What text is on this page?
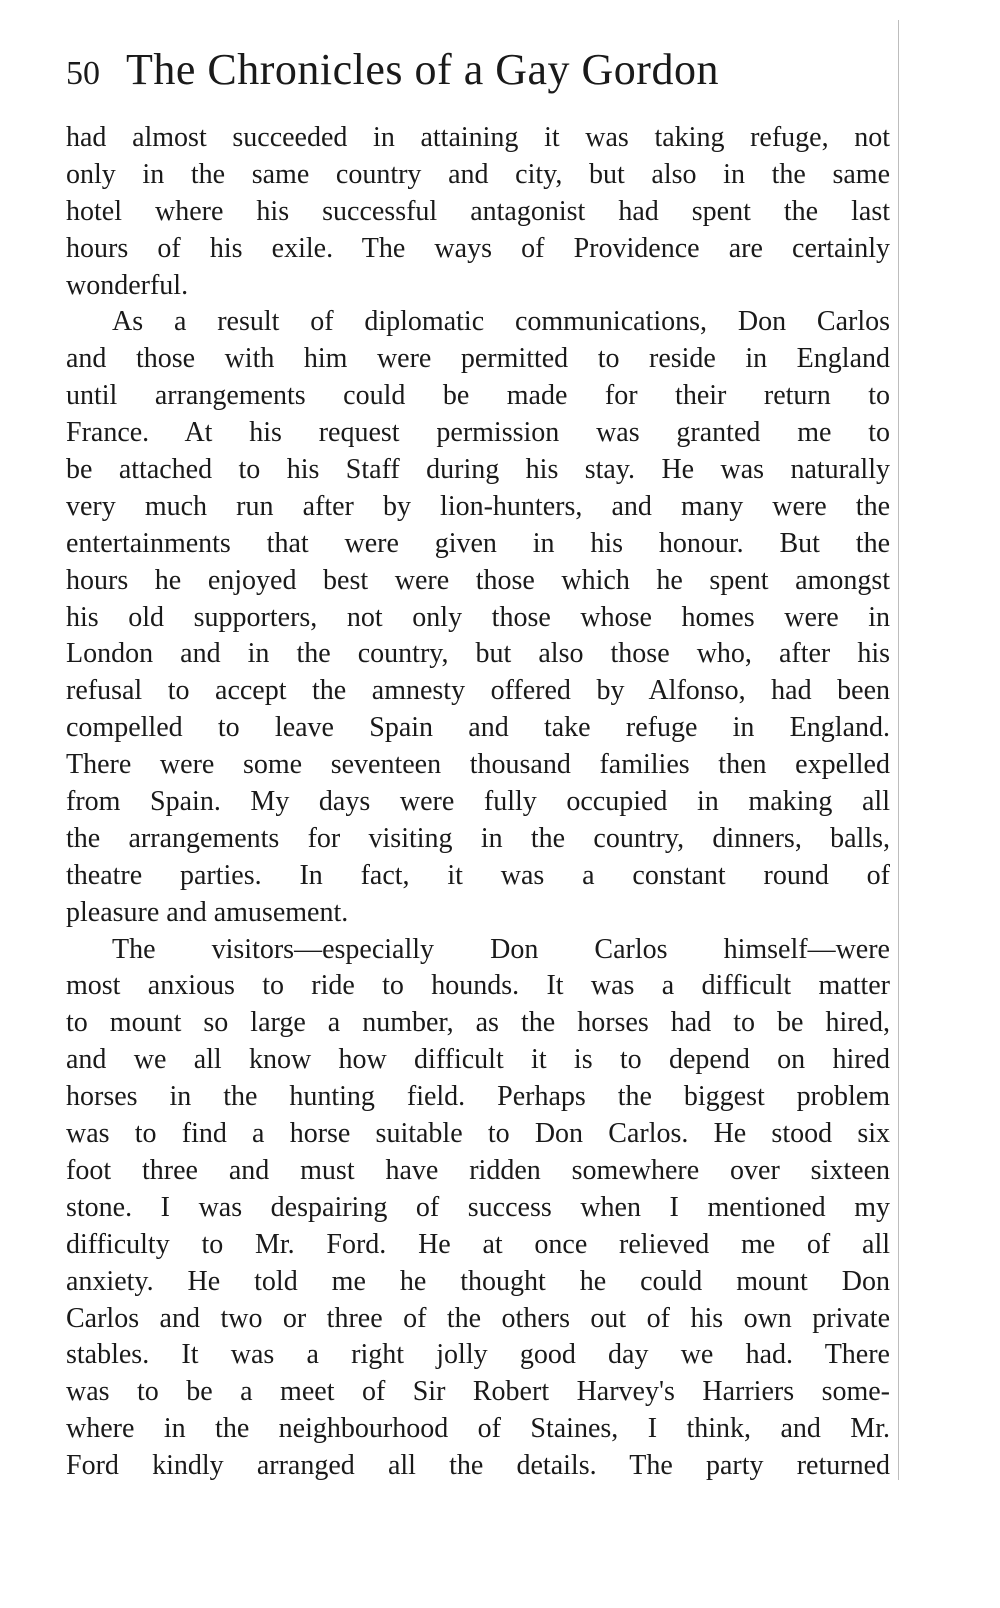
50 The Chronicles of a Gay Gordon
had almost succeeded in attaining it was taking refuge, not
only in the same country and city, but also in the same
hotel where his successful antagonist had spent the last
hours of his exile. The ways of Providence are certainly
wonderful.
As a result of diplomatic communications, Don Carlos
and those with him were permitted to reside in England
until arrangements could be made for their return to
France. At his request permission was granted me to
be attached to his Staff during his stay. He was naturally
very much run after by lion-hunters, and many were the
entertainments that were given in his honour. But the
hours he enjoyed best were those which he spent amongst
his old supporters, not only those whose homes were in
London and in the country, but also those who, after his
refusal to accept the amnesty offered by Alfonso, had been
compelled to leave Spain and take refuge in England.
There were some seventeen thousand families then expelled
from Spain. My days were fully occupied in making all
the arrangements for visiting in the country, dinners, balls,
theatre parties. In fact, it was a constant round of
pleasure and amusement.
The visitors—especially Don Carlos himself—were
most anxious to ride to hounds. It was a difficult matter
to mount so large a number, as the horses had to be hired,
and we all know how difficult it is to depend on hired
horses in the hunting field. Perhaps the biggest problem
was to find a horse suitable to Don Carlos. He stood six
foot three and must have ridden somewhere over sixteen
stone. I was despairing of success when I mentioned my
difficulty to Mr. Ford. He at once relieved me of all
anxiety. He told me he thought he could mount Don
Carlos and two or three of the others out of his own private
stables. It was a right jolly good day we had. There
was to be a meet of Sir Robert Harvey's Harriers some-
where in the neighbourhood of Staines, I think, and Mr.
Ford kindly arranged all the details. The party returned
